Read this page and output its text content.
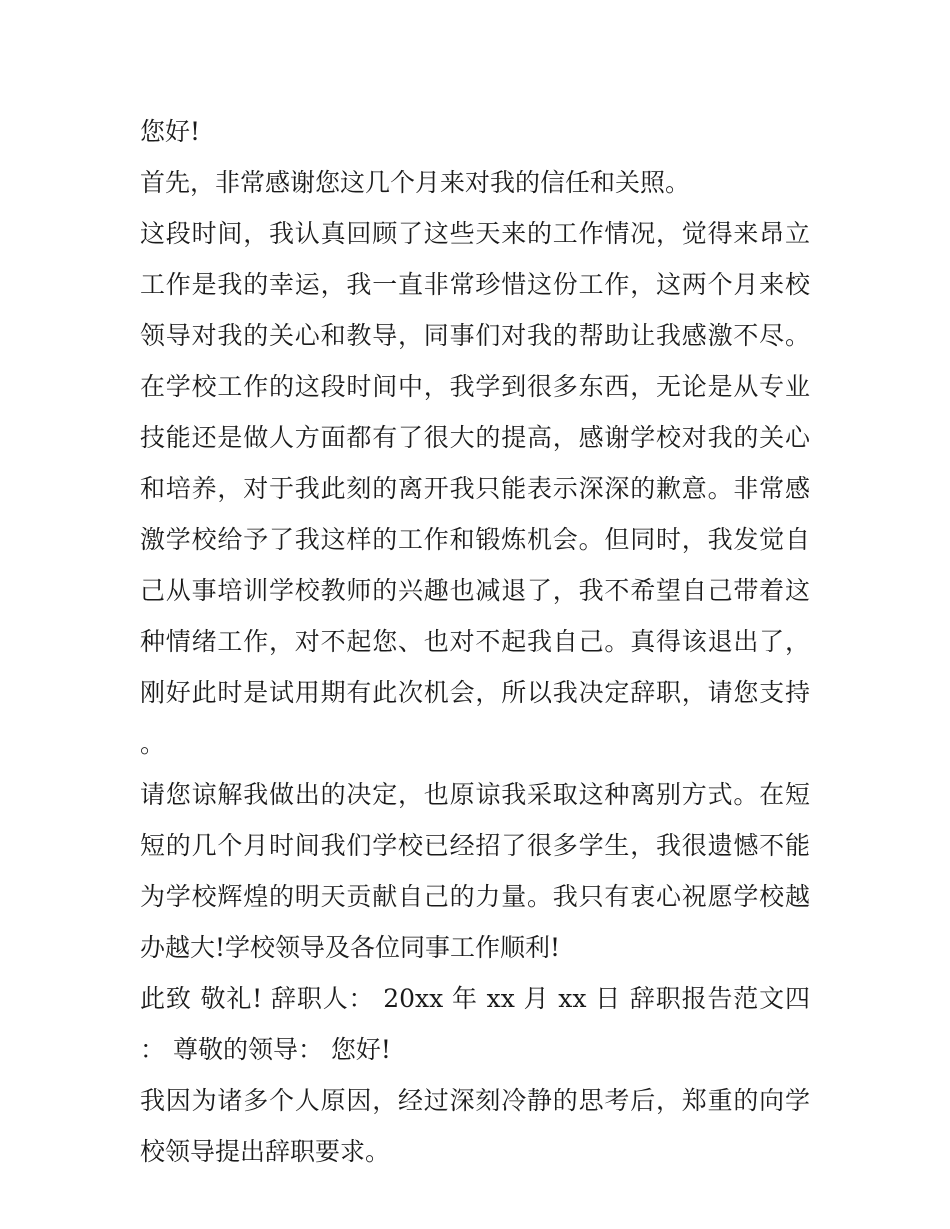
您好!

首先，非常感谢您这几个月来对我的信任和关照。

这段时间，我认真回顾了这些天来的工作情况，觉得来昂立工作是我的幸运，我一直非常珍惜这份工作，这两个月来校领导对我的关心和教导，同事们对我的帮助让我感激不尽。在学校工作的这段时间中，我学到很多东西，无论是从专业技能还是做人方面都有了很大的提高，感谢学校对我的关心和培养，对于我此刻的离开我只能表示深深的歉意。非常感激学校给予了我这样的工作和锻炼机会。但同时，我发觉自己从事培训学校教师的兴趣也减退了，我不希望自己带着这种情绪工作，对不起您、也对不起我自己。真得该退出了，刚好此时是试用期有此次机会，所以我决定辞职，请您支持。

请您谅解我做出的决定，也原谅我采取这种离别方式。在短短的几个月时间我们学校已经招了很多学生，我很遗憾不能为学校辉煌的明天贡献自己的力量。我只有衷心祝愿学校越办越大!学校领导及各位同事工作顺利!

此致 敬礼! 辞职人： 20xx 年 xx 月 xx 日 辞职报告范文四： 尊敬的领导： 您好!

我因为诸多个人原因，经过深刻冷静的思考后，郑重的向学校领导提出辞职要求。
